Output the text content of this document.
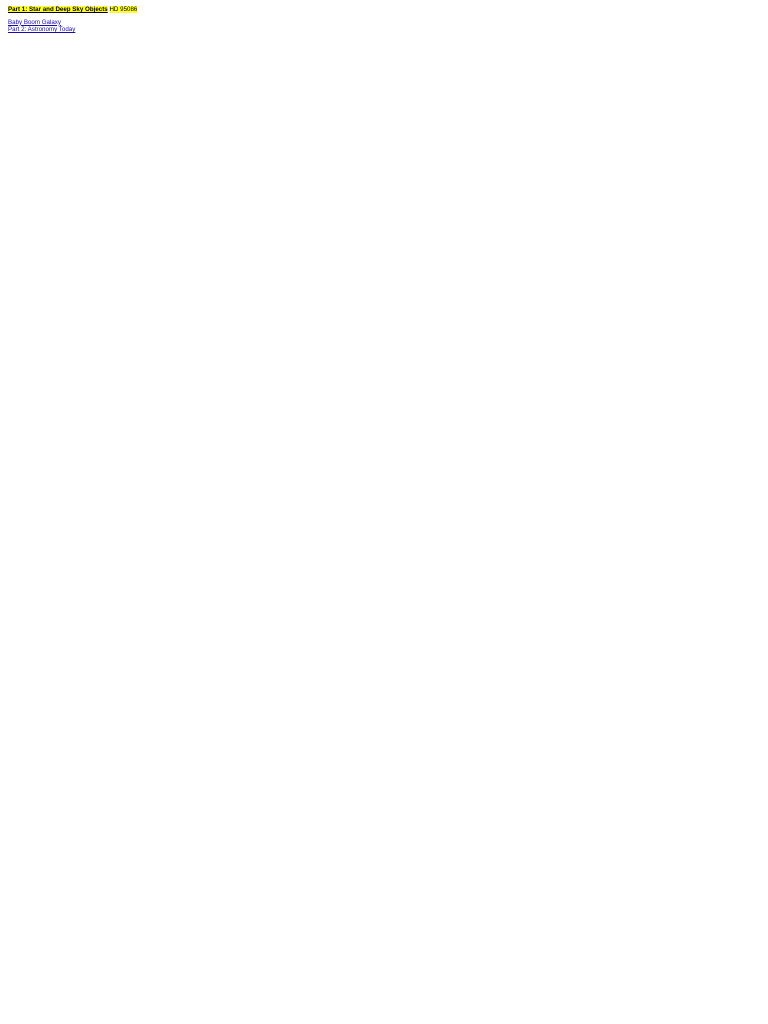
Part 1: Star and Deep Sky Objects HD 95086
Baby Boom Galaxy
Part 2: Astronomy Today
